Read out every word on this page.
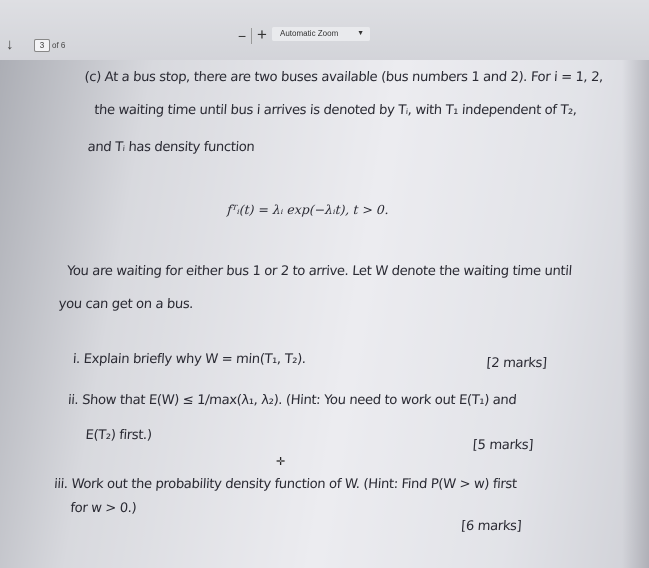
↓	3 of 6
− +	Automatic Zoom	▼
(c) At a bus stop, there are two buses available (bus numbers 1 and 2). For i = 1, 2,
the waiting time until bus i arrives is denoted by Tᵢ, with T₁ independent of T₂,
and Tᵢ has density function
fᵀᵢ(t) = λᵢ exp(−λᵢt), t > 0.
You are waiting for either bus 1 or 2 to arrive. Let W denote the waiting time until
you can get on a bus.
i. Explain briefly why W = min(T₁, T₂).	[2 marks]
ii. Show that E(W) ≤ 1/max(λ₁, λ₂). (Hint: You need to work out E(T₁) and
E(T₂) first.)
[5 marks]
iii. Work out the probability density function of W. (Hint: Find P(W > w) first
for w > 0.)
[6 marks]
✛
